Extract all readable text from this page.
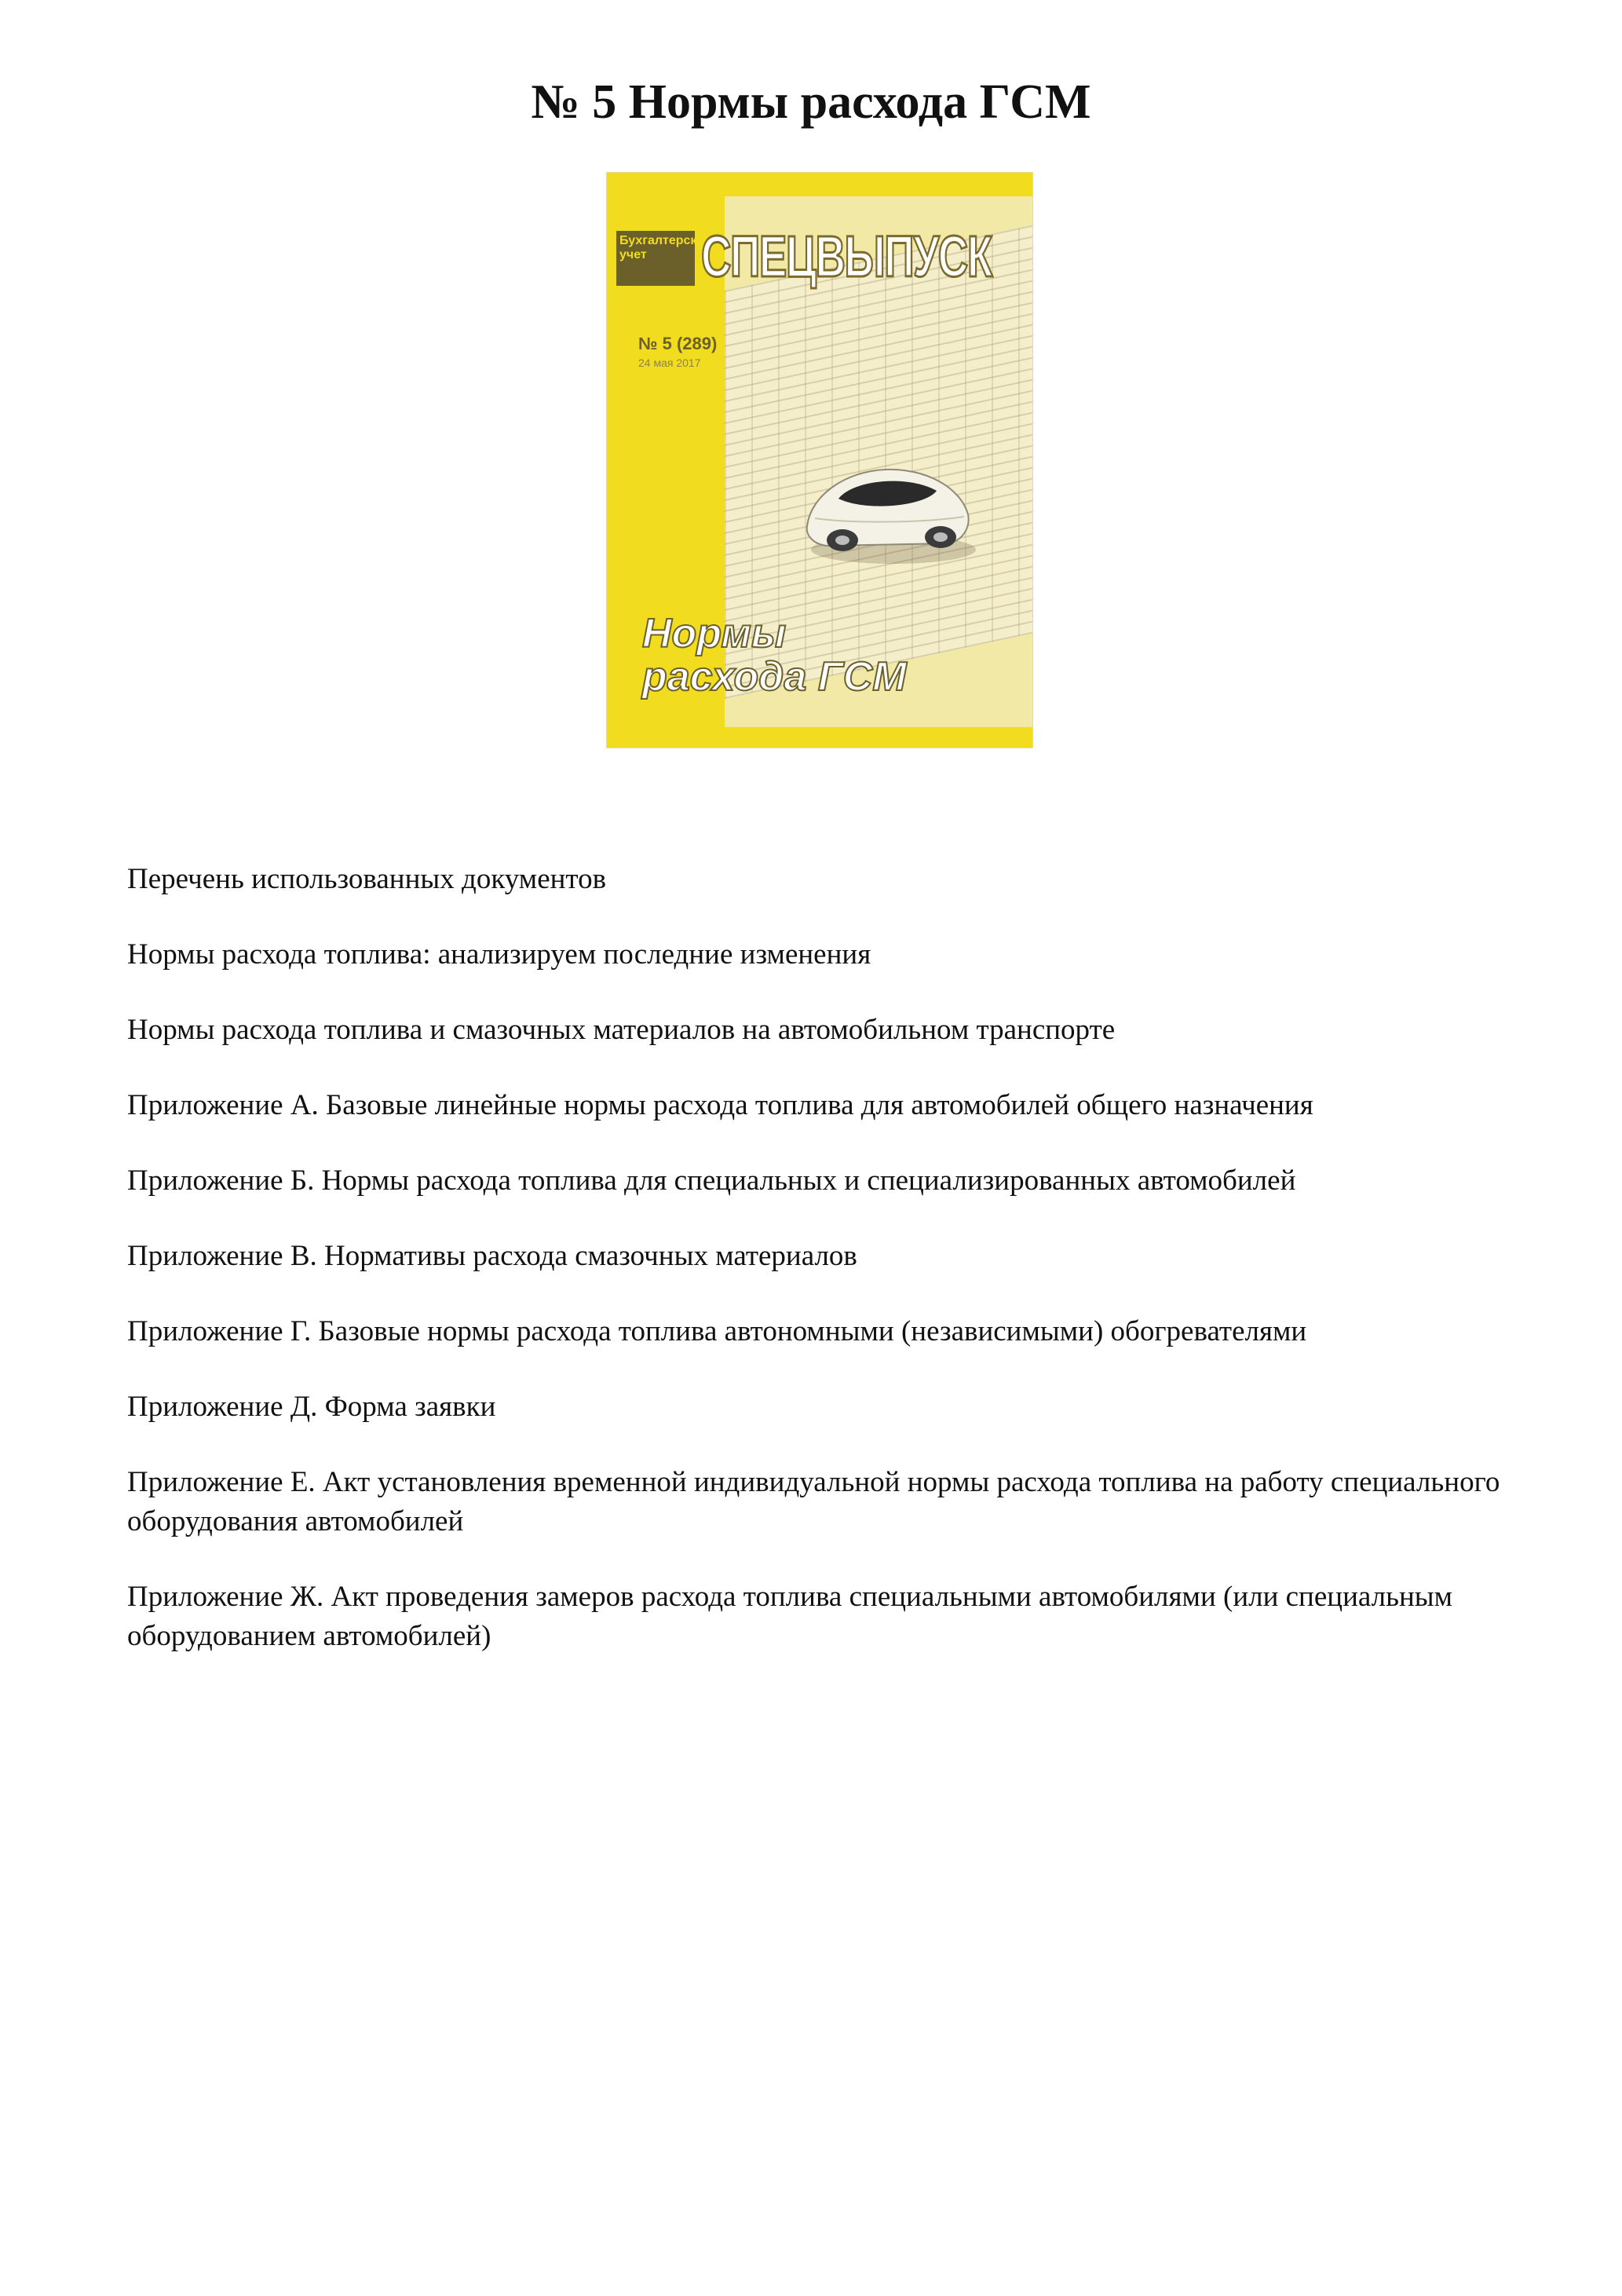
№ 5 Нормы расхода ГСМ
Бухгалтерский учет СПЕЦВЫПУСК
№ 5 (289)
24 мая 2017
Нормы
расхода ГСМ
Перечень использованных документов
Нормы расхода топлива: анализируем последние изменения
Нормы расхода топлива и смазочных материалов на автомобильном транспорте
Приложение А. Базовые линейные нормы расхода топлива для автомобилей общего назначения
Приложение Б. Нормы расхода топлива для специальных и специализированных автомобилей
Приложение В. Нормативы расхода смазочных материалов
Приложение Г. Базовые нормы расхода топлива автономными (независимыми) обогревателями
Приложение Д. Форма заявки
Приложение Е. Акт установления временной индивидуальной нормы расхода топлива на работу специального оборудования автомобилей
Приложение Ж. Акт проведения замеров расхода топлива специальными автомобилями (или специальным оборудованием автомобилей)
